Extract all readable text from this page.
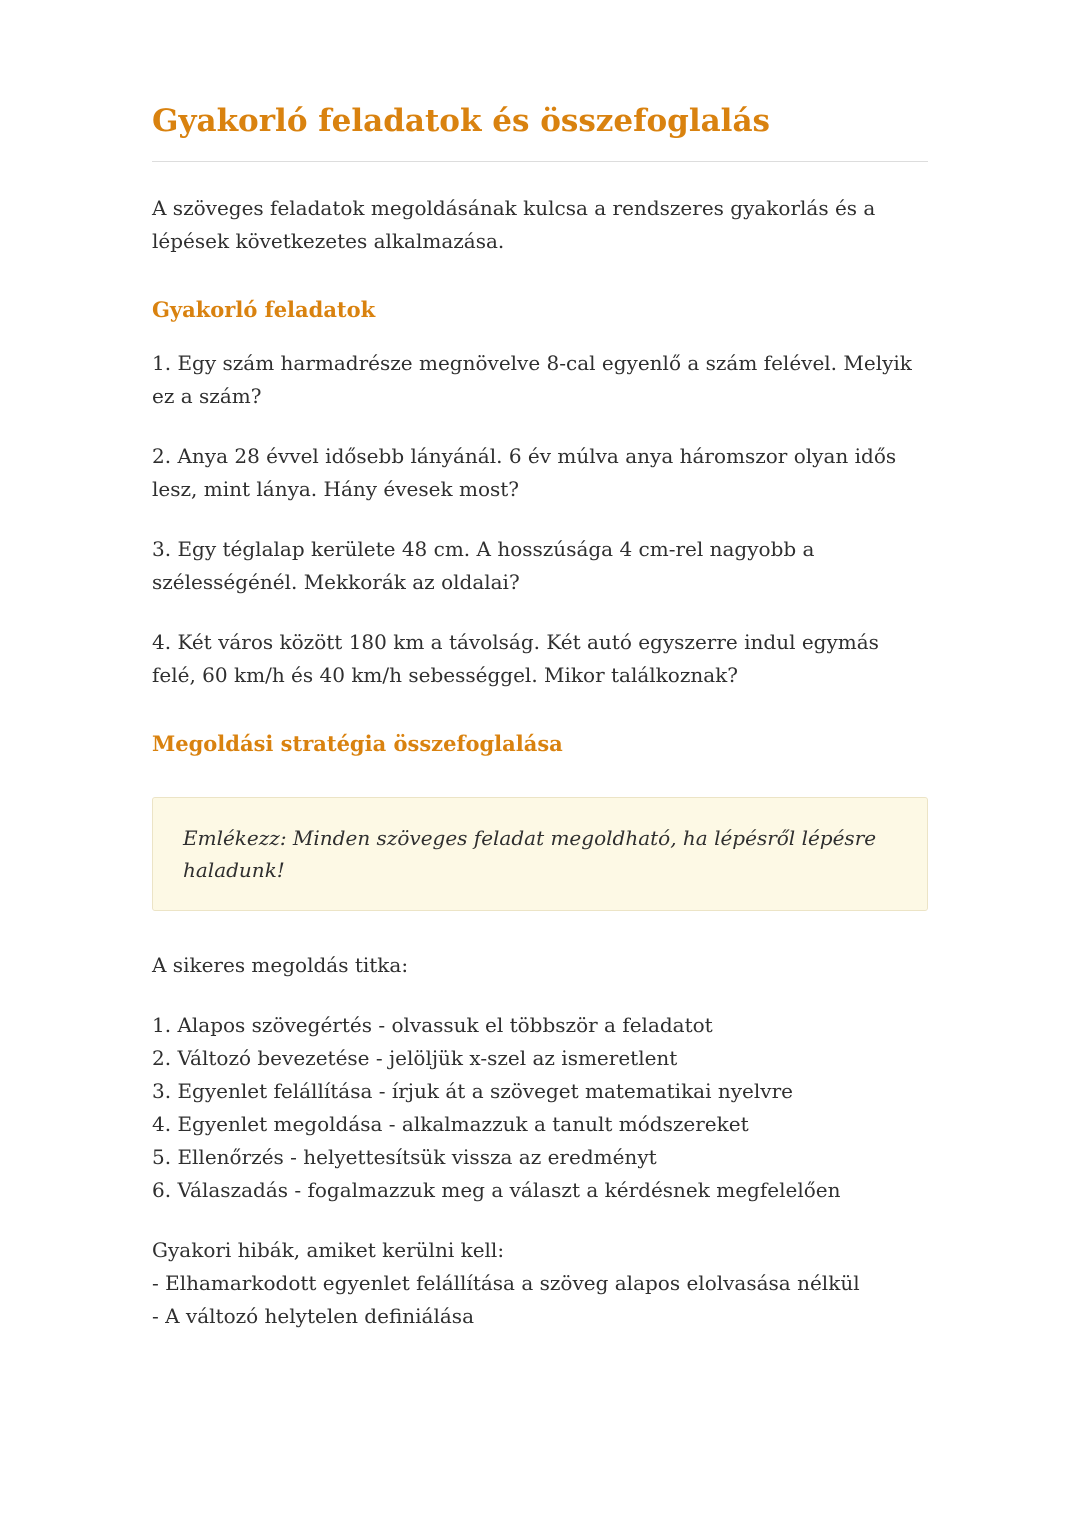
Gyakorló feladatok és összefoglalás

A szöveges feladatok megoldásának kulcsa a rendszeres gyakorlás és a lépések következetes alkalmazása.

Gyakorló feladatok

1. Egy szám harmadrésze megnövelve 8-cal egyenlő a szám felével. Melyik ez a szám?

2. Anya 28 évvel idősebb lányánál. 6 év múlva anya háromszor olyan idős lesz, mint lánya. Hány évesek most?

3. Egy téglalap kerülete 48 cm. A hosszúsága 4 cm-rel nagyobb a szélességénél. Mekkorák az oldalai?

4. Két város között 180 km a távolság. Két autó egyszerre indul egymás felé, 60 km/h és 40 km/h sebességgel. Mikor találkoznak?

Megoldási stratégia összefoglalása

Emlékezz: Minden szöveges feladat megoldható, ha lépésről lépésre haladunk!

A sikeres megoldás titka:

1. Alapos szövegértés - olvassuk el többször a feladatot

2. Változó bevezetése - jelöljük x-szel az ismeretlent

3. Egyenlet felállítása - írjuk át a szöveget matematikai nyelvre

4. Egyenlet megoldása - alkalmazzuk a tanult módszereket

5. Ellenőrzés - helyettesítsük vissza az eredményt

6. Válaszadás - fogalmazzuk meg a választ a kérdésnek megfelelően

Gyakori hibák, amiket kerülni kell:

- Elhamarkodott egyenlet felállítása a szöveg alapos elolvasása nélkül

- A változó helytelen definiálása
